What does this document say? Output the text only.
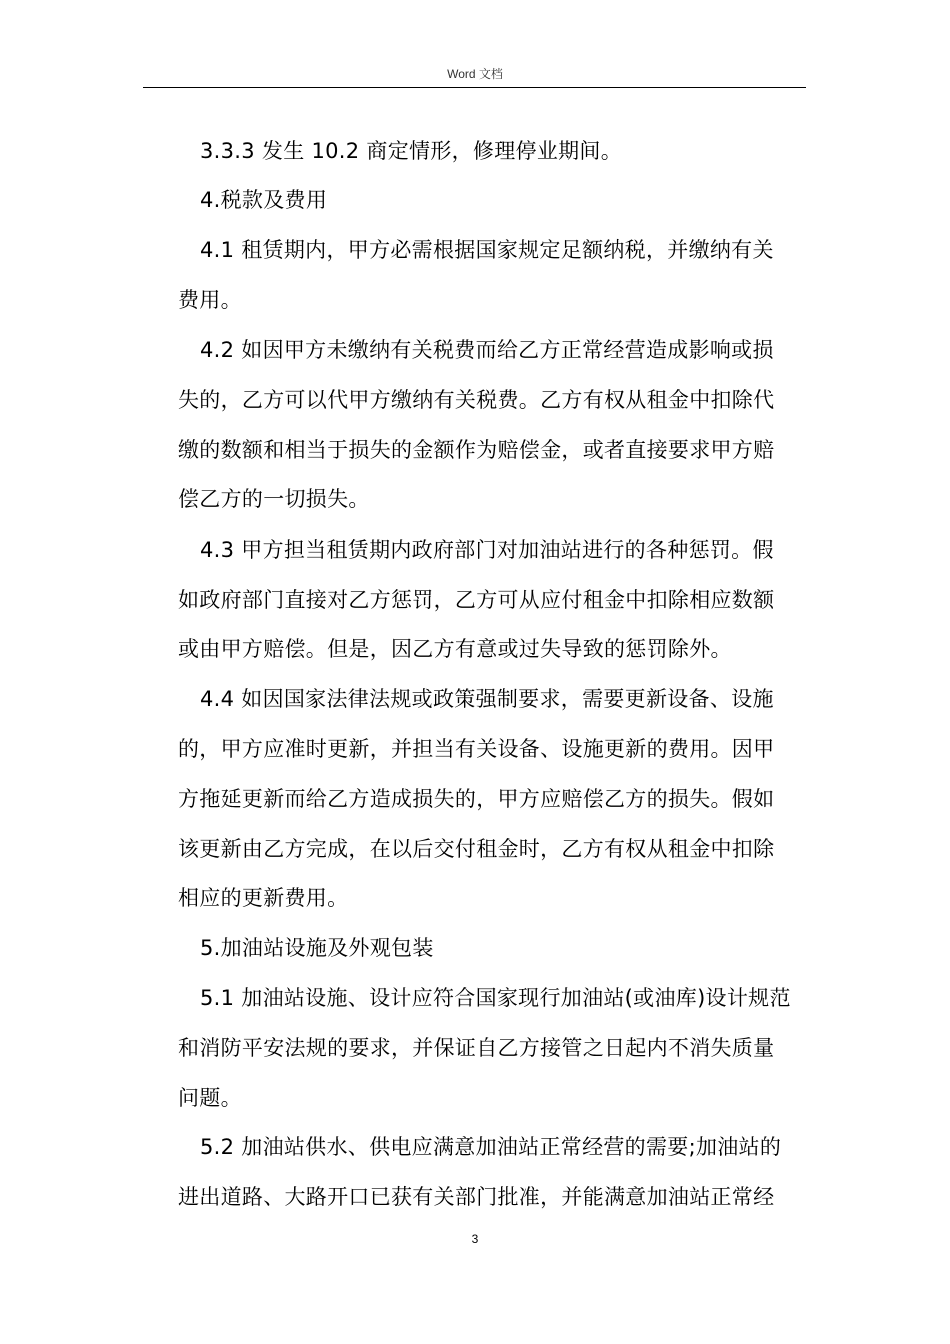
Word 文档
3.3.3 发生 10.2 商定情形，修理停业期间。
4.税款及费用
4.1 租赁期内，甲方必需根据国家规定足额纳税，并缴纳有关
费用。
4.2 如因甲方未缴纳有关税费而给乙方正常经营造成影响或损
失的，乙方可以代甲方缴纳有关税费。乙方有权从租金中扣除代
缴的数额和相当于损失的金额作为赔偿金，或者直接要求甲方赔
偿乙方的一切损失。
4.3 甲方担当租赁期内政府部门对加油站进行的各种惩罚。假
如政府部门直接对乙方惩罚，乙方可从应付租金中扣除相应数额
或由甲方赔偿。但是，因乙方有意或过失导致的惩罚除外。
4.4 如因国家法律法规或政策强制要求，需要更新设备、设施
的，甲方应准时更新，并担当有关设备、设施更新的费用。因甲
方拖延更新而给乙方造成损失的，甲方应赔偿乙方的损失。假如
该更新由乙方完成，在以后交付租金时，乙方有权从租金中扣除
相应的更新费用。
5.加油站设施及外观包装
5.1 加油站设施、设计应符合国家现行加油站(或油库)设计规范
和消防平安法规的要求，并保证自乙方接管之日起内不消失质量
问题。
5.2 加油站供水、供电应满意加油站正常经营的需要;加油站的
进出道路、大路开口已获有关部门批准，并能满意加油站正常经
3
